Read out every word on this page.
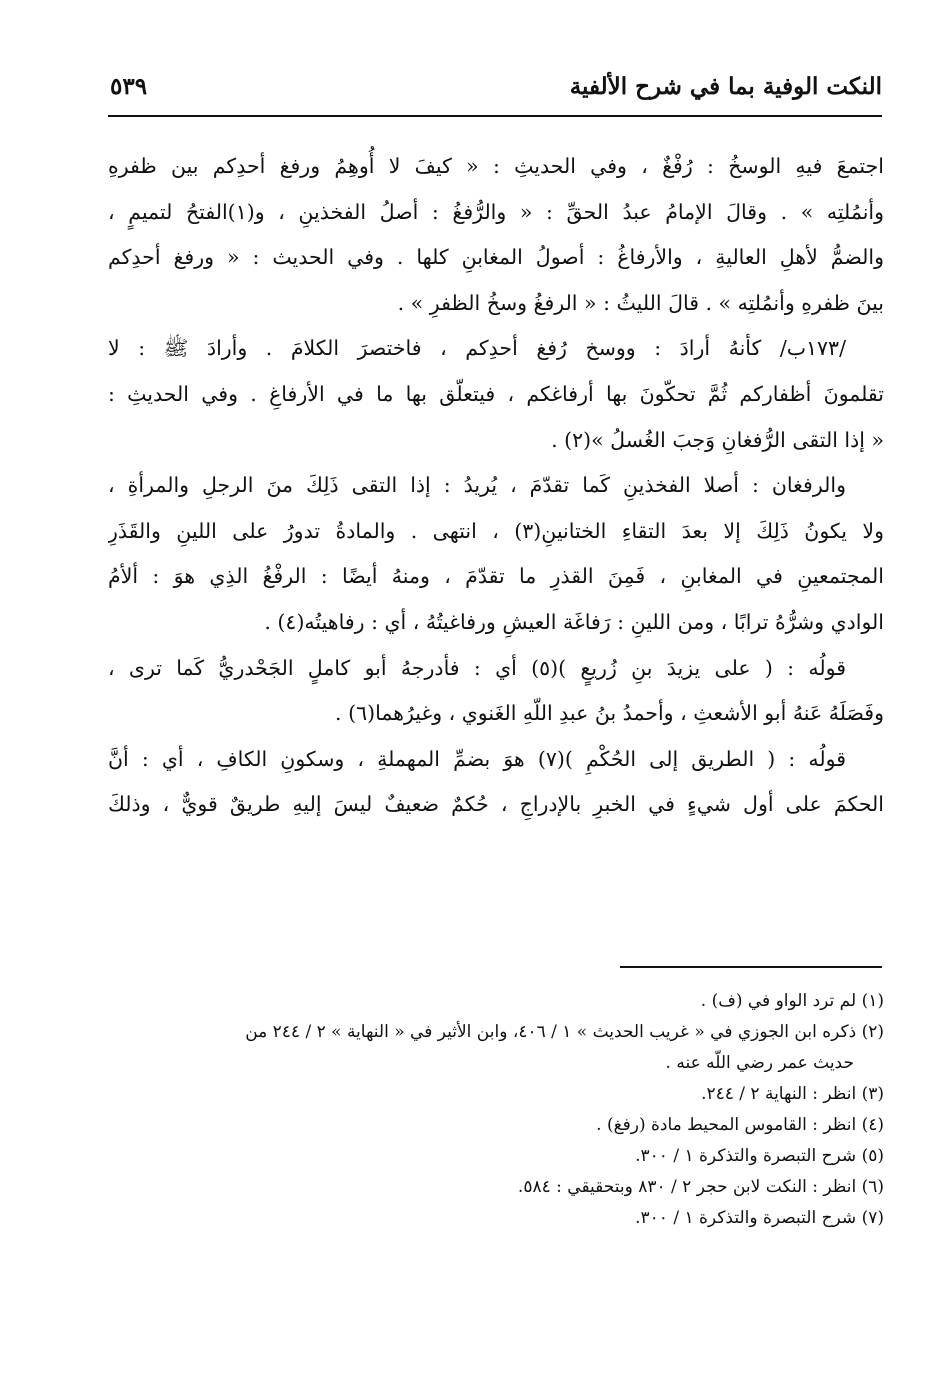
النكت الوفية بما في شرح الألفية
٥٣٩
اجتمعَ فيهِ الوسخُ : رُفْغٌ ، وفي الحديثِ : « كيفَ لا أُوهِمُ ورفغ أحدِكم بين ظفرهِ
وأنمُلتِه » . وقالَ الإمامُ عبدُ الحقِّ : « والرُّفغُ : أصلُ الفخذينِ ، و(١)الفتحُ لتميمٍ ،
والضمُّ لأهلِ العاليةِ ، والأرفاغُ : أصولُ المغابنِ كلها . وفي الحديث : « ورفغ أحدِكم
بينَ ظفرهِ وأنمُلتِه » . قالَ الليثُ : « الرفغُ وسخُ الظفرِ » .
/١٧٣ب/ كأنهُ أرادَ : ووسخ رُفغ أحدِكم ، فاختصرَ الكلامَ . وأرادَ ﷺ : لا
تقلمونَ أظفاركم ثُمَّ تحكّونَ بها أرفاغكم ، فيتعلّق بها ما في الأرفاغِ . وفي الحديثِ :
« إذا التقى الرُّفغانِ وَجبَ الغُسلُ »(٢) .
والرفغان : أصلا الفخذينِ كَما تقدّمَ ، يُريدُ : إذا التقى ذَلِكَ منَ الرجلِ والمرأةِ ،
ولا يكونُ ذَلِكَ إلا بعدَ التقاءِ الختانينِ(٣) ، انتهى . والمادةُ تدورُ على اللينِ والقَذَرِ
المجتمعينِ في المغابنِ ، فَمِنَ القذرِ ما تقدّمَ ، ومنهُ أيضًا : الرفْغُ الذِي هوَ : ألأمُ
الوادي وشرُّهُ ترابًا ، ومن اللينِ : رَفاغَة العيشِ ورفاغيتُهُ ، أي : رفاهيتُه(٤) .
قولُه : ( على يزيدَ بنِ زُريعٍ )(٥) أي : فأدرجهُ أبو كاملٍ الجَحْدريُّ كَما ترى ،
وفَصَلَهُ عَنهُ أبو الأشعثِ ، وأحمدُ بنُ عبدِ اللّهِ الغَنوي ، وغيرُهما(٦) .
قولُه : ( الطريق إلى الحُكْمِ )(٧) هوَ بضمِّ المهملةِ ، وسكونِ الكافِ ، أي : أنَّ
الحكمَ على أول شيءٍ في الخبرِ بالإدراجِ ، حُكمٌ ضعيفٌ ليسَ إليهِ طريقٌ قويٌّ ، وذلكَ
(١) لم ترد الواو في (ف) .
(٢) ذكره ابن الجوزي في « غريب الحديث » ١ / ٤٠٦، وابن الأثير في « النهاية » ٢ / ٢٤٤ من
حديث عمر رضي اللّه عنه .
(٣) انظر : النهاية ٢ / ٢٤٤.
(٤) انظر : القاموس المحيط مادة (رفغ) .
(٥) شرح التبصرة والتذكرة ١ / ٣٠٠.
(٦) انظر : النكت لابن حجر ٢ / ٨٣٠ وبتحقيقي : ٥٨٤.
(٧) شرح التبصرة والتذكرة ١ / ٣٠٠.
